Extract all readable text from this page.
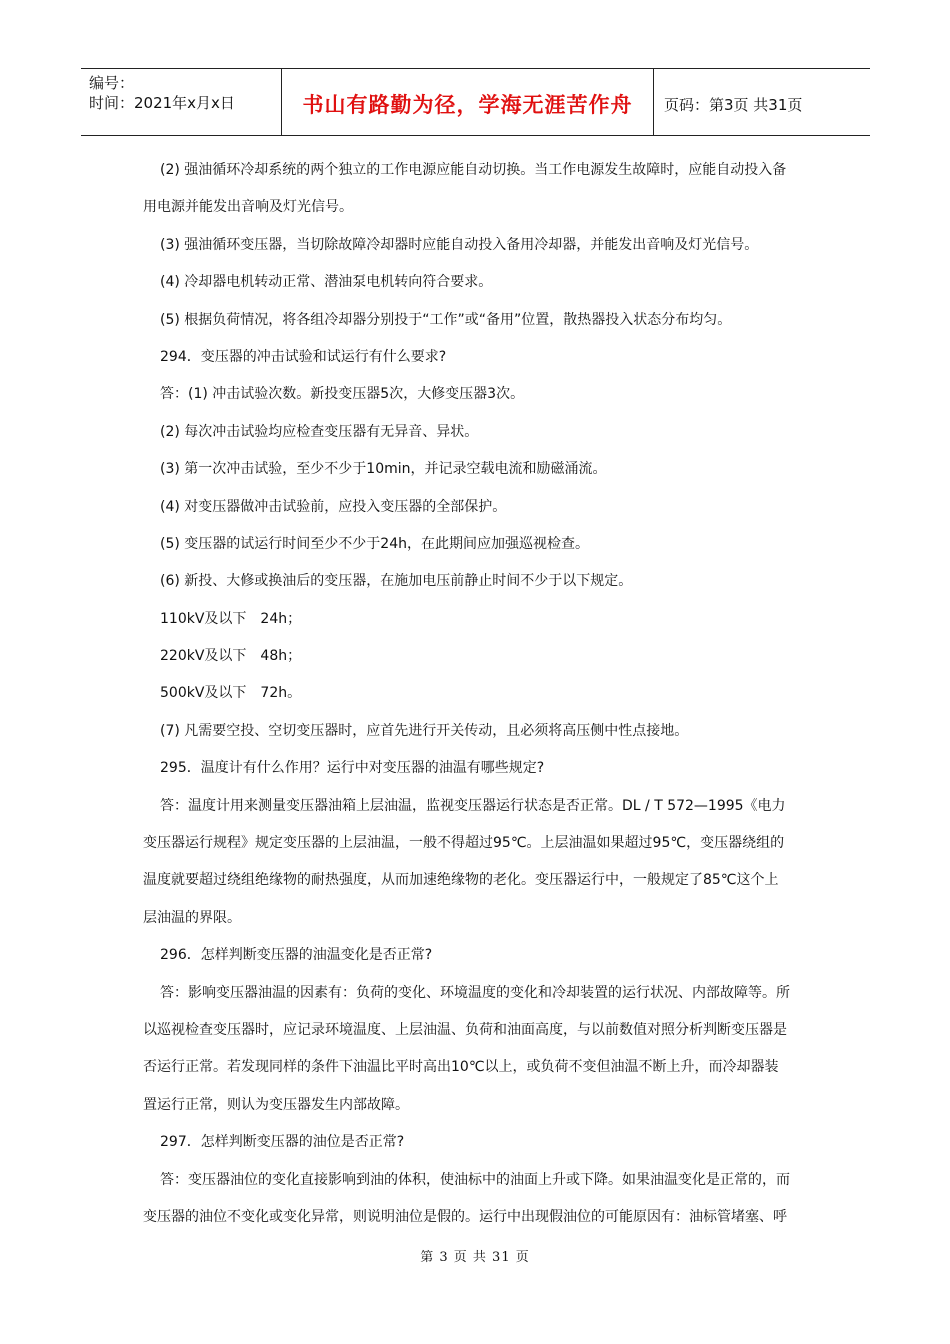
编号：
时间：2021年x月x日	书山有路勤为径，学海无涯苦作舟	页码：第3页 共31页
(2) 强油循环冷却系统的两个独立的工作电源应能自动切换。当工作电源发生故障时，应能自动投入备
用电源并能发出音响及灯光信号。
(3) 强油循环变压器，当切除故障冷却器时应能自动投入备用冷却器，并能发出音响及灯光信号。
(4) 冷却器电机转动正常、潜油泵电机转向符合要求。
(5) 根据负荷情况，将各组冷却器分别投于“工作”或“备用”位置，散热器投入状态分布均匀。
294．变压器的冲击试验和试运行有什么要求?
答：(1) 冲击试验次数。新投变压器5次，大修变压器3次。
(2) 每次冲击试验均应检查变压器有无异音、异状。
(3) 第一次冲击试验，至少不少于10min，并记录空载电流和励磁涌流。
(4) 对变压器做冲击试验前，应投入变压器的全部保护。
(5) 变压器的试运行时间至少不少于24h，在此期间应加强巡视检查。
(6) 新投、大修或换油后的变压器，在施加电压前静止时间不少于以下规定。
110kV及以下　24h；
220kV及以下　48h；
500kV及以下　72h。
(7) 凡需要空投、空切变压器时，应首先进行开关传动，且必须将高压侧中性点接地。
295．温度计有什么作用？运行中对变压器的油温有哪些规定?
答：温度计用来测量变压器油箱上层油温，监视变压器运行状态是否正常。DL / T 572—1995《电力
变压器运行规程》规定变压器的上层油温，一般不得超过95℃。上层油温如果超过95℃，变压器绕组的
温度就要超过绕组绝缘物的耐热强度，从而加速绝缘物的老化。变压器运行中，一般规定了85℃这个上
层油温的界限。
296．怎样判断变压器的油温变化是否正常?
答：影响变压器油温的因素有：负荷的变化、环境温度的变化和冷却装置的运行状况、内部故障等。所
以巡视检查变压器时，应记录环境温度、上层油温、负荷和油面高度，与以前数值对照分析判断变压器是
否运行正常。若发现同样的条件下油温比平时高出10℃以上，或负荷不变但油温不断上升，而冷却器装
置运行正常，则认为变压器发生内部故障。
297．怎样判断变压器的油位是否正常?
答：变压器油位的变化直接影响到油的体积，使油标中的油面上升或下降。如果油温变化是正常的，而
变压器的油位不变化或变化异常，则说明油位是假的。运行中出现假油位的可能原因有：油标管堵塞、呼
第 3 页 共 31 页
